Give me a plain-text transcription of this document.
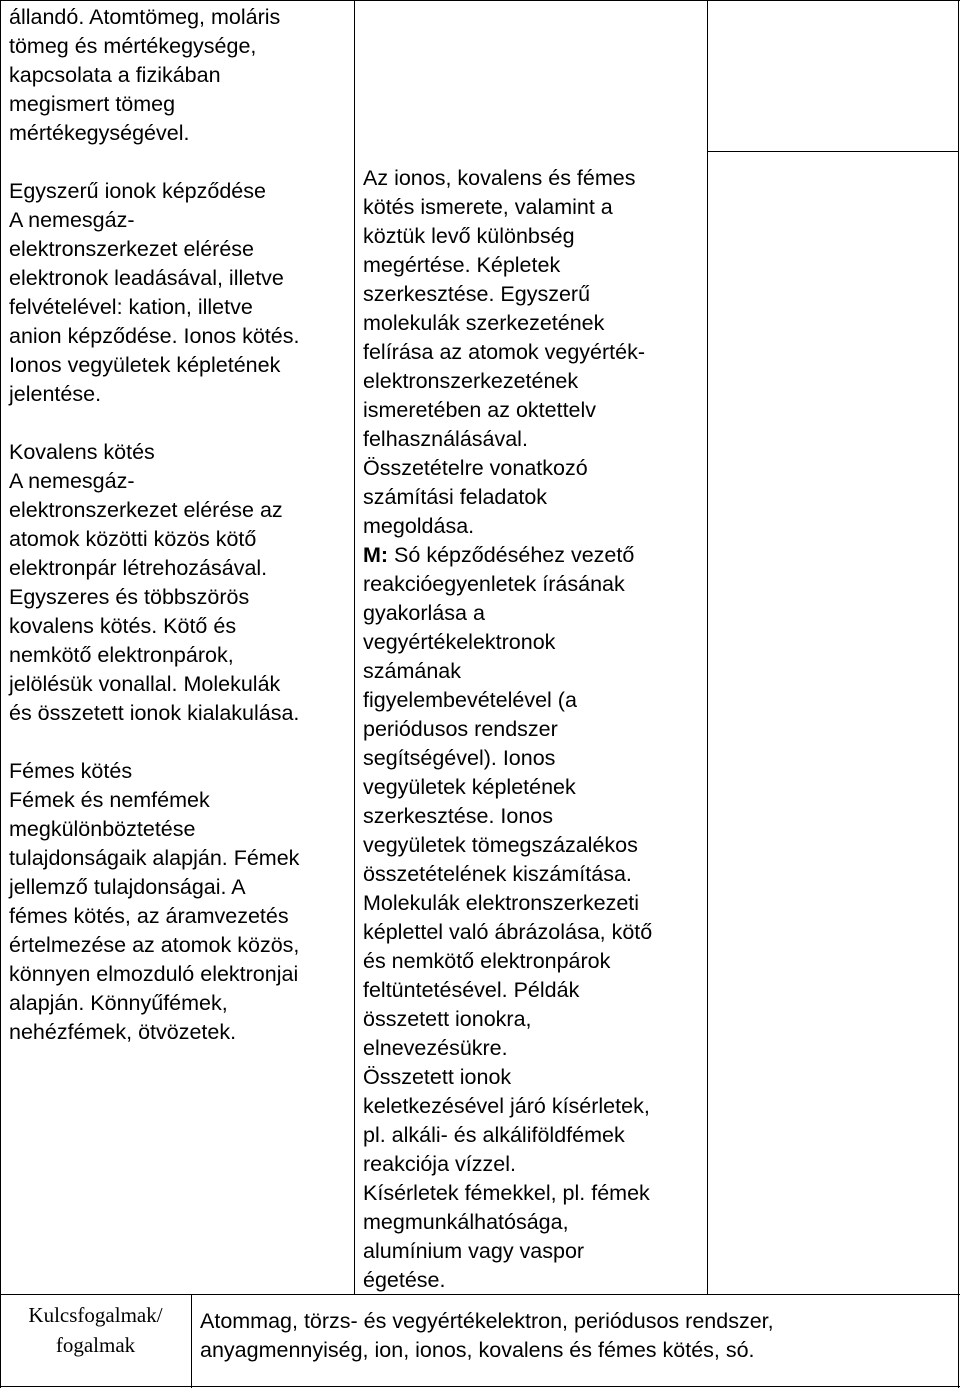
állandó. Atomtömeg, moláris

tömeg és mértékegysége,

kapcsolata a fizikában

megismert tömeg

mértékegységével.

Egyszerű ionok képződése

A nemesgáz-

elektronszerkezet elérése

elektronok leadásával, illetve

felvételével: kation, illetve

anion képződése. Ionos kötés.

Ionos vegyületek képletének

jelentése.

Kovalens kötés

A nemesgáz-

elektronszerkezet elérése az

atomok közötti közös kötő

elektronpár létrehozásával.

Egyszeres és többszörös

kovalens kötés. Kötő és

nemkötő elektronpárok,

jelölésük vonallal. Molekulák

és összetett ionok kialakulása.

Fémes kötés

Fémek és nemfémek

megkülönböztetése

tulajdonságaik alapján. Fémek

jellemző tulajdonságai. A

fémes kötés, az áramvezetés

értelmezése az atomok közös,

könnyen elmozduló elektronjai

alapján. Könnyűfémek,

nehézfémek, ötvözetek.

Az ionos, kovalens és fémes

kötés ismerete, valamint a

köztük levő különbség

megértése. Képletek

szerkesztése. Egyszerű

molekulák szerkezetének

felírása az atomok vegyérték-

elektronszerkezetének

ismeretében az oktettelv

felhasználásával.

Összetételre vonatkozó

számítási feladatok

megoldása.

M: Só képződéséhez vezető

reakcióegyenletek írásának

gyakorlása a

vegyértékelektronok

számának

figyelembevételével (a

periódusos rendszer

segítségével). Ionos

vegyületek képletének

szerkesztése. Ionos

vegyületek tömegszázalékos

összetételének kiszámítása.

Molekulák elektronszerkezeti

képlettel való ábrázolása, kötő

és nemkötő elektronpárok

feltüntetésével. Példák

összetett ionokra,

elnevezésükre.

Összetett ionok

keletkezésével járó kísérletek,

pl. alkáli- és alkáliföldfémek

reakciója vízzel.

Kísérletek fémekkel, pl. fémek

megmunkálhatósága,

alumínium vagy vaspor

égetése.

Kulcsfogalmak/
fogalmak

Atommag, törzs- és vegyértékelektron, periódusos rendszer,

anyagmennyiség, ion, ionos, kovalens és fémes kötés, só.
